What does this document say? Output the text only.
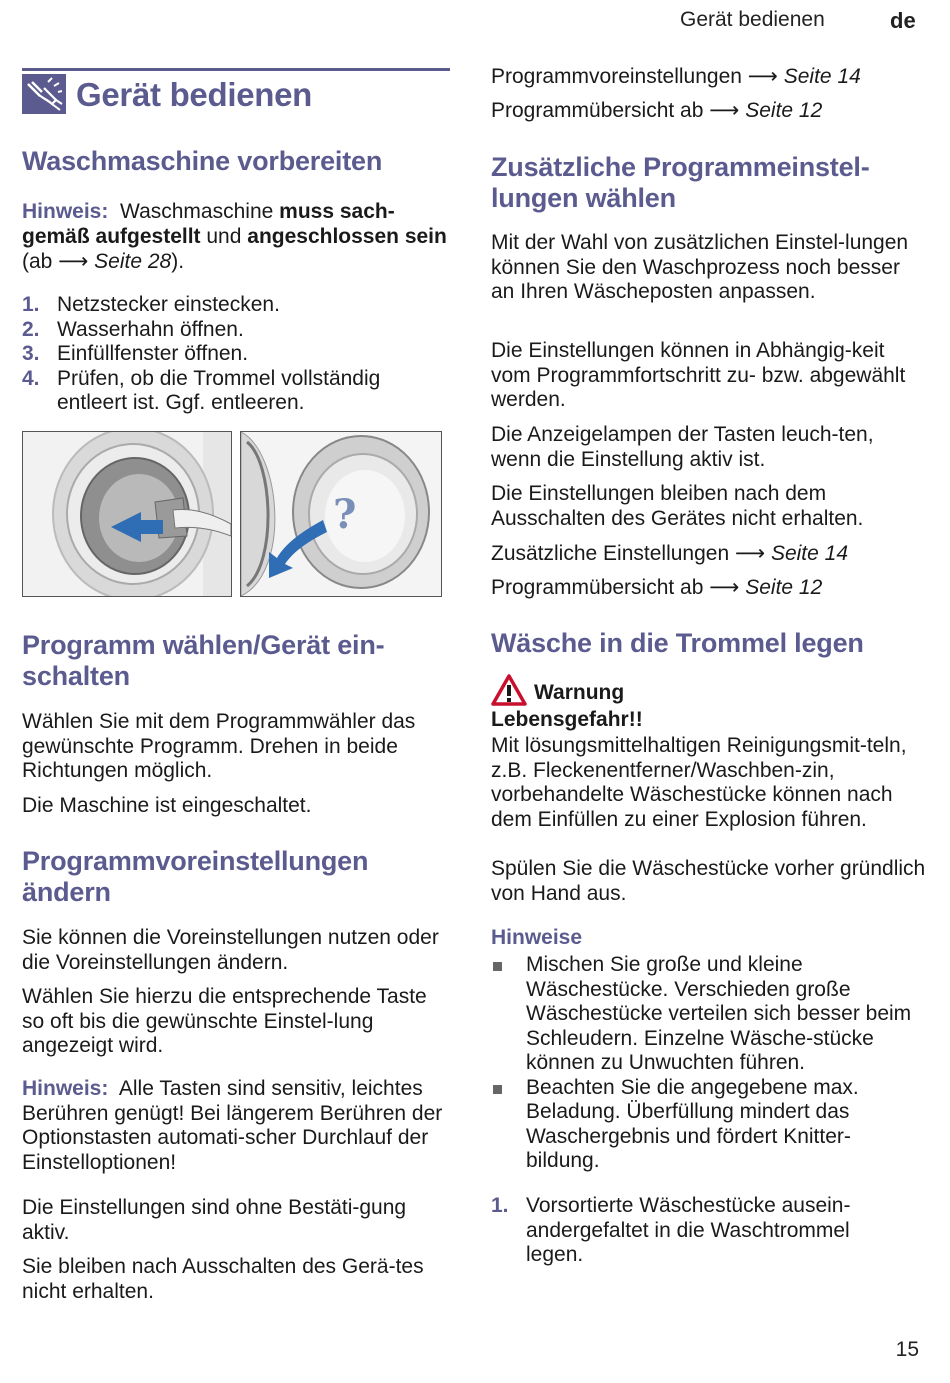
Gerät bedienen	de
Gerät bedienen
Waschmaschine vorbereiten

Hinweis: Waschmaschine muss sach-gemäß aufgestellt und angeschlossen sein (ab ⟶ Seite 28).

1. Netzstecker einstecken.
2. Wasserhahn öffnen.
3. Einfüllfenster öffnen.
4. Prüfen, ob die Trommel vollständig entleert ist. Ggf. entleeren.
?
Programm wählen/Gerät ein-schalten

Wählen Sie mit dem Programmwähler das gewünschte Programm. Drehen in beide Richtungen möglich.

Die Maschine ist eingeschaltet.

Programmvoreinstellungen ändern

Sie können die Voreinstellungen nutzen oder die Voreinstellungen ändern.

Wählen Sie hierzu die entsprechende Taste so oft bis die gewünschte Einstel-lung angezeigt wird.

Hinweis: Alle Tasten sind sensitiv, leichtes Berühren genügt! Bei längerem Berühren der Optionstasten automati-scher Durchlauf der Einstelloptionen!

Die Einstellungen sind ohne Bestäti-gung aktiv.

Sie bleiben nach Ausschalten des Gerä-tes nicht erhalten.

Programmvoreinstellungen ⟶ Seite 14

Programmübersicht ab ⟶ Seite 12

Zusätzliche Programmeinstel-lungen wählen

Mit der Wahl von zusätzlichen Einstel-lungen können Sie den Waschprozess noch besser an Ihren Wäscheposten anpassen.

Die Einstellungen können in Abhängig-keit vom Programmfortschritt zu- bzw. abgewählt werden.

Die Anzeigelampen der Tasten leuch-ten, wenn die Einstellung aktiv ist.

Die Einstellungen bleiben nach dem Ausschalten des Gerätes nicht erhalten.

Zusätzliche Einstellungen ⟶ Seite 14

Programmübersicht ab ⟶ Seite 12

Wäsche in die Trommel legen

Warnung

Lebensgefahr!!

Mit lösungsmittelhaltigen Reinigungsmit-teln, z.B. Fleckenentferner/Waschben-zin, vorbehandelte Wäschestücke können nach dem Einfüllen zu einer Explosion führen.

Spülen Sie die Wäschestücke vorher gründlich von Hand aus.

Hinweise

Mischen Sie große und kleine Wäschestücke. Verschieden große Wäschestücke verteilen sich besser beim Schleudern. Einzelne Wäsche-stücke können zu Unwuchten führen.
Beachten Sie die angegebene max. Beladung. Überfüllung mindert das Waschergebnis und fördert Knitter-bildung.
1. Vorsortierte Wäschestücke ausein-andergefaltet in die Waschtrommel legen.
15
